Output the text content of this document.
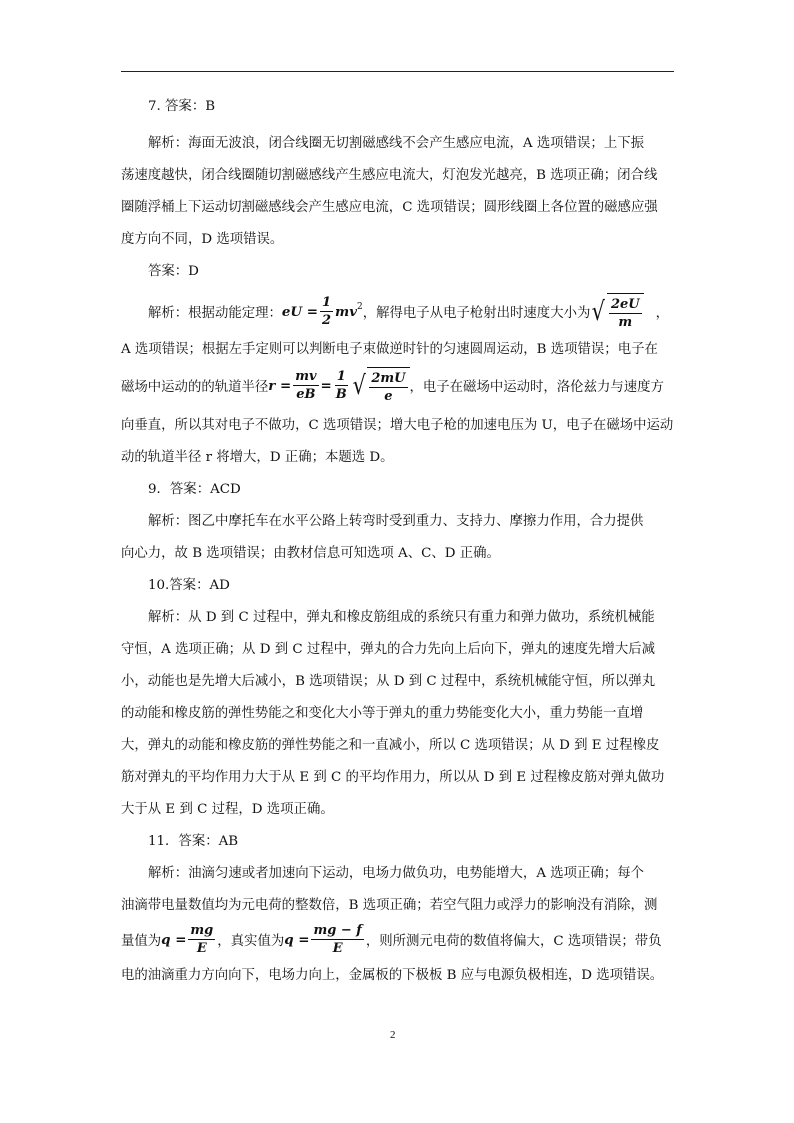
7. 答案：B

解析：海面无波浪，闭合线圈无切割磁感线不会产生感应电流，A 选项错误；上下振

荡速度越快，闭合线圈随切割磁感线产生感应电流大，灯泡发光越亮，B 选项正确；闭合线

圈随浮桶上下运动切割磁感线会产生感应电流，C 选项错误；圆形线圈上各位置的磁感应强

度方向不同，D 选项错误。

答案：D

解析：根据动能定理： eU = $\frac{1}{2} mv^2$ ，解得电子从电子枪射出时速度大小为 √ $\frac{2eU}{m}$ ，

A 选项错误；根据左手定则可以判断电子束做逆时针的匀速圆周运动，B 选项错误；电子在

磁场中运动的的轨道半径 $r = \frac{mv}{eB} = \frac{1}{B}$ √ $\frac{2mU}{e}$ ，电子在磁场中运动时，洛伦兹力与速度方

向垂直，所以其对电子不做功，C 选项错误；增大电子枪的加速电压为 U，电子在磁场中运动

动的轨道半径 r 将增大，D 正确；本题选 D。

9．答案：ACD

解析：图乙中摩托车在水平公路上转弯时受到重力、支持力、摩擦力作用，合力提供

向心力，故 B 选项错误；由教材信息可知选项 A、C、D 正确。

10.答案：AD

解析：从 D 到 C 过程中，弹丸和橡皮筋组成的系统只有重力和弹力做功，系统机械能

守恒，A 选项正确；从 D 到 C 过程中，弹丸的合力先向上后向下，弹丸的速度先增大后减

小，动能也是先增大后减小，B 选项错误；从 D 到 C 过程中，系统机械能守恒，所以弹丸

的动能和橡皮筋的弹性势能之和变化大小等于弹丸的重力势能变化大小，重力势能一直增

大，弹丸的动能和橡皮筋的弹性势能之和一直减小，所以 C 选项错误；从 D 到 E 过程橡皮

筋对弹丸的平均作用力大于从 E 到 C 的平均作用力，所以从 D 到 E 过程橡皮筋对弹丸做功

大于从 E 到 C 过程，D 选项正确。

11．答案：AB

解析：油滴匀速或者加速向下运动，电场力做负功，电势能增大，A 选项正确；每个

油滴带电量数值均为元电荷的整数倍，B 选项正确；若空气阻力或浮力的影响没有消除，测

量值为 $q = \frac{mg}{E}$ ，真实值为 $q = \frac{mg - f}{E}$ ，则所测元电荷的数值将偏大，C 选项错误；带负

电的油滴重力方向向下，电场力向上，金属板的下极板 B 应与电源负极相连，D 选项错误。

2
